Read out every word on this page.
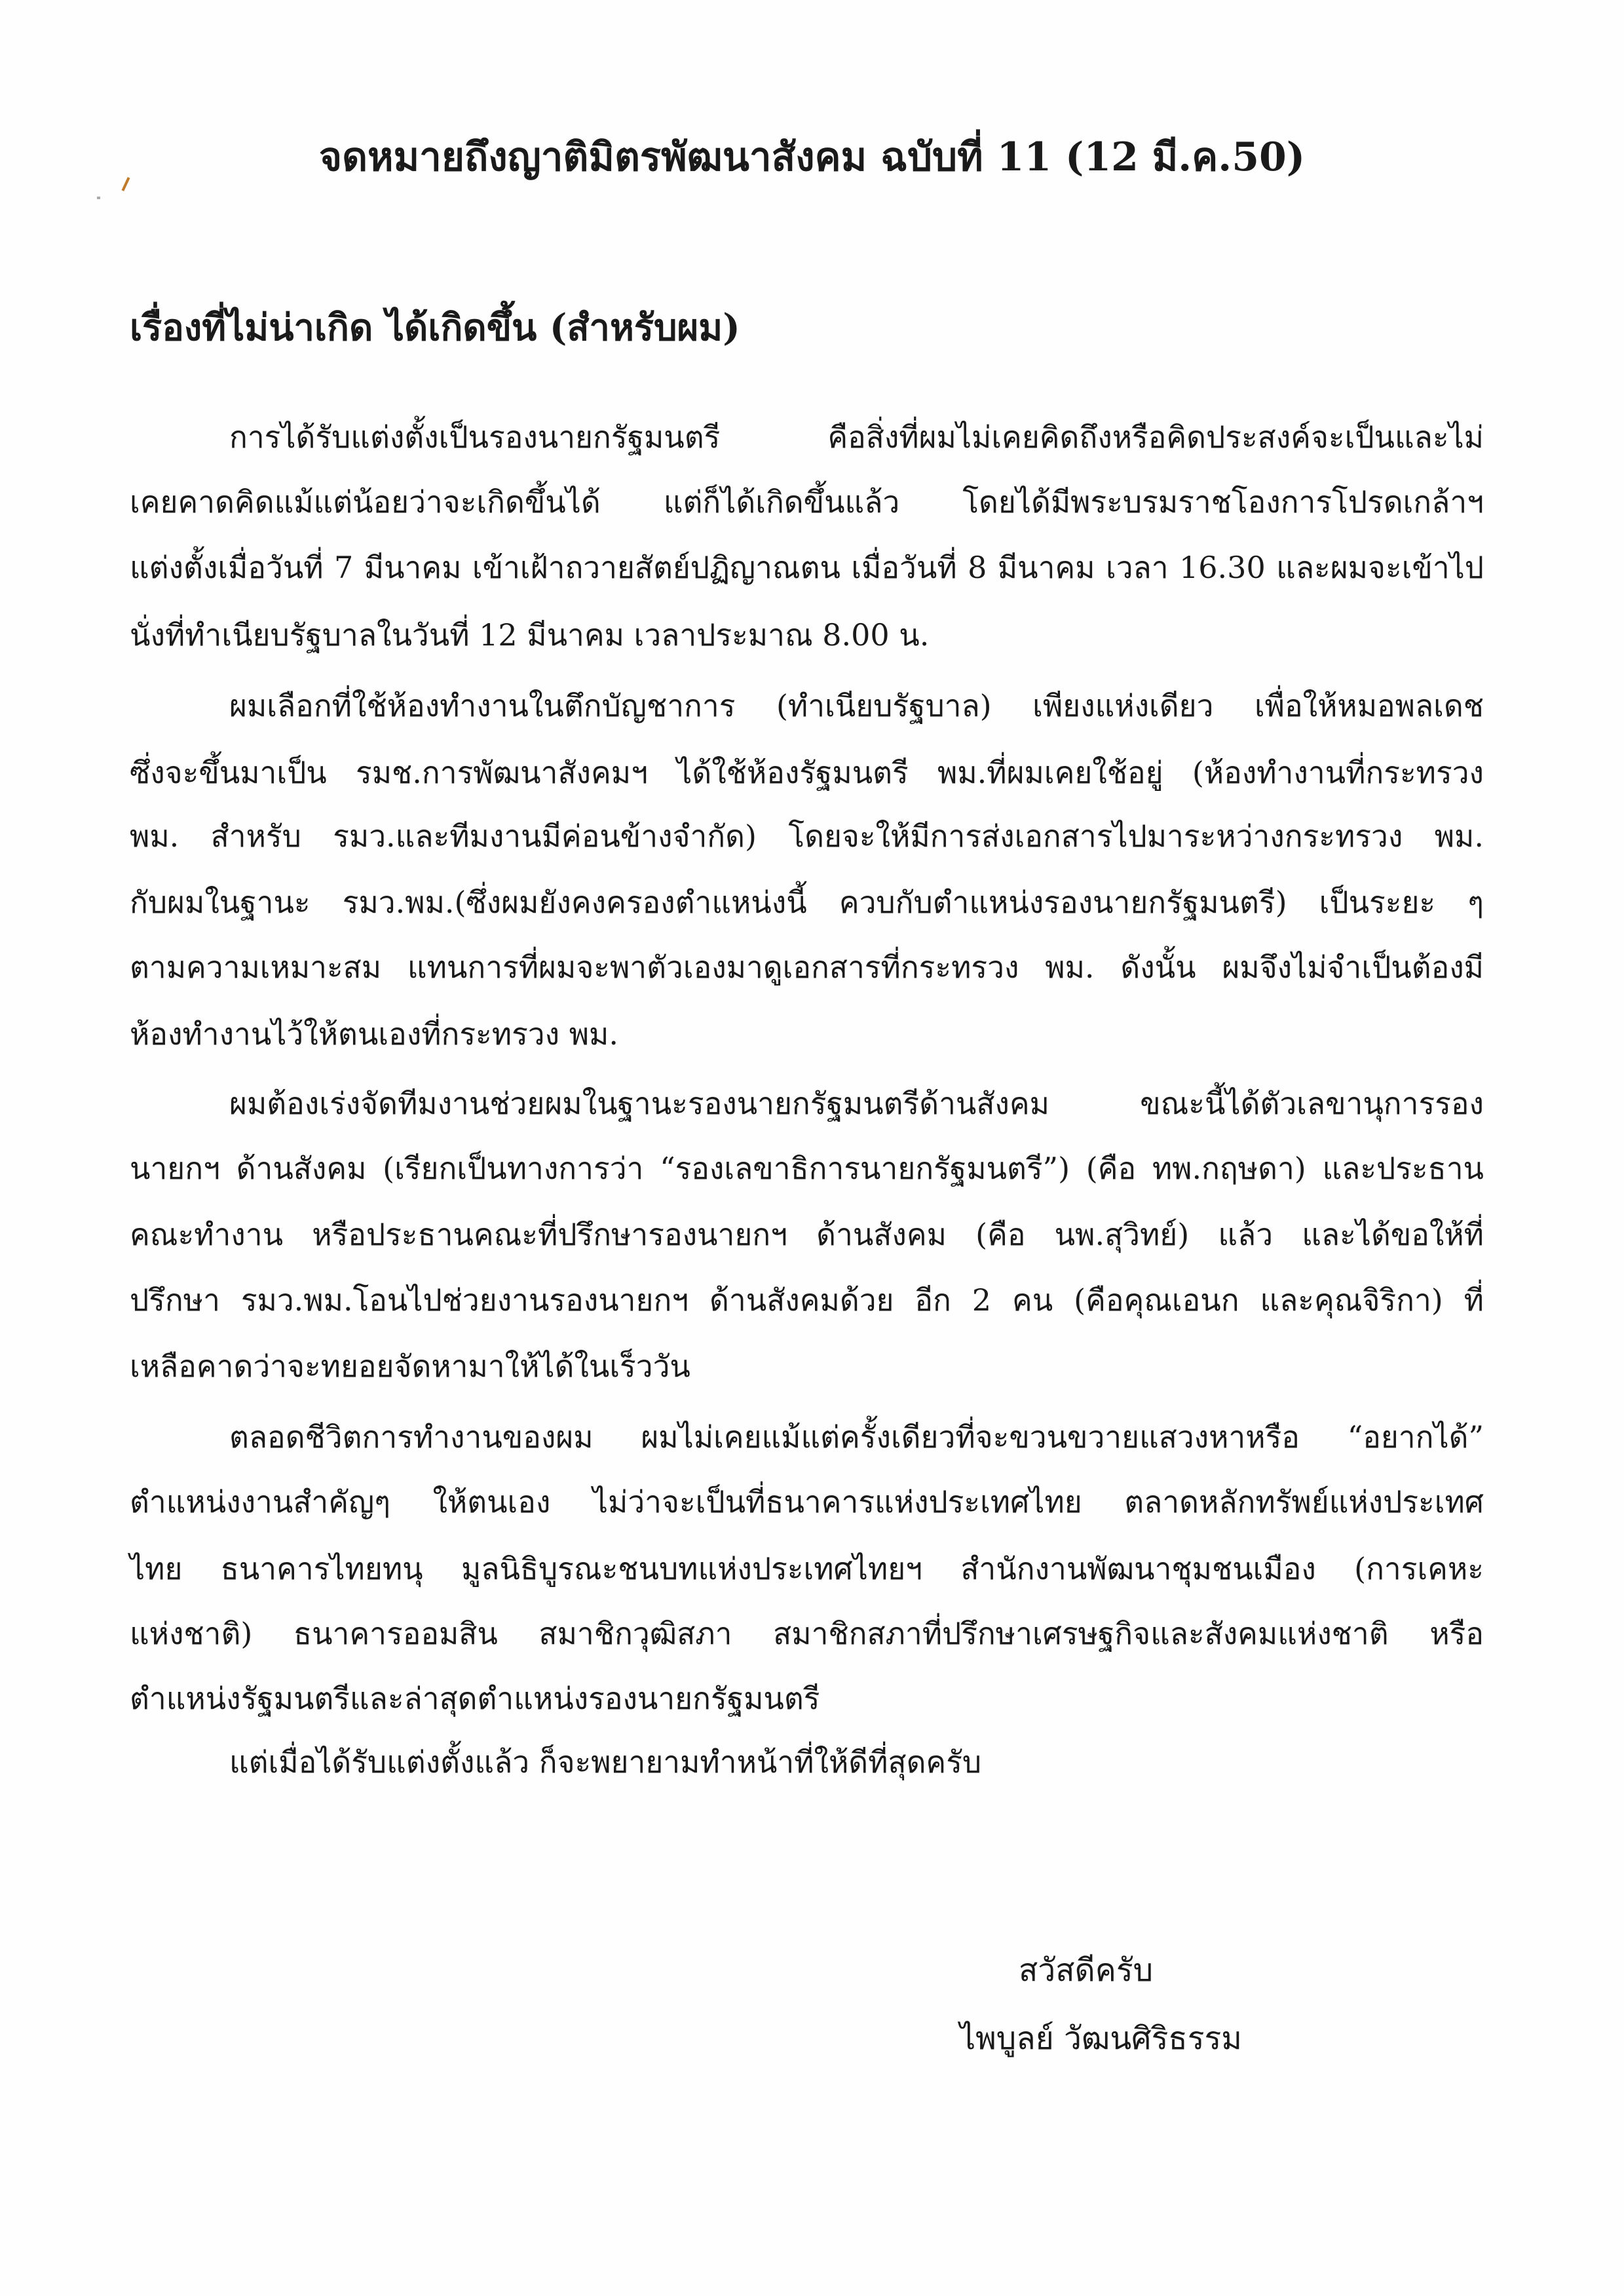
จดหมายถึงญาติมิตรพัฒนาสังคม ฉบับที่ 11 (12 มี.ค.50)
เรื่องที่ไม่น่าเกิด ได้เกิดขึ้น (สำหรับผม)
การได้รับแต่งตั้งเป็นรองนายกรัฐมนตรี คือสิ่งที่ผมไม่เคยคิดถึงหรือคิดประสงค์จะเป็นและไม่
เคยคาดคิดแม้แต่น้อยว่าจะเกิดขึ้นได้ แต่ก็ได้เกิดขึ้นแล้ว โดยได้มีพระบรมราชโองการโปรดเกล้าฯ
แต่งตั้งเมื่อวันที่ 7 มีนาคม เข้าเฝ้าถวายสัตย์ปฏิญาณตน เมื่อวันที่ 8 มีนาคม เวลา 16.30 และผมจะเข้าไป
นั่งที่ทำเนียบรัฐบาลในวันที่ 12 มีนาคม เวลาประมาณ 8.00 น.
ผมเลือกที่ใช้ห้องทำงานในตึกบัญชาการ (ทำเนียบรัฐบาล) เพียงแห่งเดียว เพื่อให้หมอพลเดช
ซึ่งจะขึ้นมาเป็น รมช.การพัฒนาสังคมฯ ได้ใช้ห้องรัฐมนตรี พม.ที่ผมเคยใช้อยู่ (ห้องทำงานที่กระทรวง
พม. สำหรับ รมว.และทีมงานมีค่อนข้างจำกัด) โดยจะให้มีการส่งเอกสารไปมาระหว่างกระทรวง พม.
กับผมในฐานะ รมว.พม.(ซึ่งผมยังคงครองตำแหน่งนี้ ควบกับตำแหน่งรองนายกรัฐมนตรี) เป็นระยะ ๆ
ตามความเหมาะสม แทนการที่ผมจะพาตัวเองมาดูเอกสารที่กระทรวง พม. ดังนั้น ผมจึงไม่จำเป็นต้องมี
ห้องทำงานไว้ให้ตนเองที่กระทรวง พม.
ผมต้องเร่งจัดทีมงานช่วยผมในฐานะรองนายกรัฐมนตรีด้านสังคม ขณะนี้ได้ตัวเลขานุการรอง
นายกฯ ด้านสังคม (เรียกเป็นทางการว่า “รองเลขาธิการนายกรัฐมนตรี”) (คือ ทพ.กฤษดา) และประธาน
คณะทำงาน หรือประธานคณะที่ปรึกษารองนายกฯ ด้านสังคม (คือ นพ.สุวิทย์) แล้ว และได้ขอให้ที่
ปรึกษา รมว.พม.โอนไปช่วยงานรองนายกฯ ด้านสังคมด้วย อีก 2 คน (คือคุณเอนก และคุณจิริกา) ที่
เหลือคาดว่าจะทยอยจัดหามาให้ได้ในเร็ววัน
ตลอดชีวิตการทำงานของผม ผมไม่เคยแม้แต่ครั้งเดียวที่จะขวนขวายแสวงหาหรือ “อยากได้”
ตำแหน่งงานสำคัญๆ ให้ตนเอง ไม่ว่าจะเป็นที่ธนาคารแห่งประเทศไทย ตลาดหลักทรัพย์แห่งประเทศ
ไทย ธนาคารไทยทนุ มูลนิธิบูรณะชนบทแห่งประเทศไทยฯ สำนักงานพัฒนาชุมชนเมือง (การเคหะ
แห่งชาติ) ธนาคารออมสิน สมาชิกวุฒิสภา สมาชิกสภาที่ปรึกษาเศรษฐกิจและสังคมแห่งชาติ หรือ
ตำแหน่งรัฐมนตรีและล่าสุดตำแหน่งรองนายกรัฐมนตรี
แต่เมื่อได้รับแต่งตั้งแล้ว ก็จะพยายามทำหน้าที่ให้ดีที่สุดครับ
สวัสดีครับ
ไพบูลย์ วัฒนศิริธรรม
